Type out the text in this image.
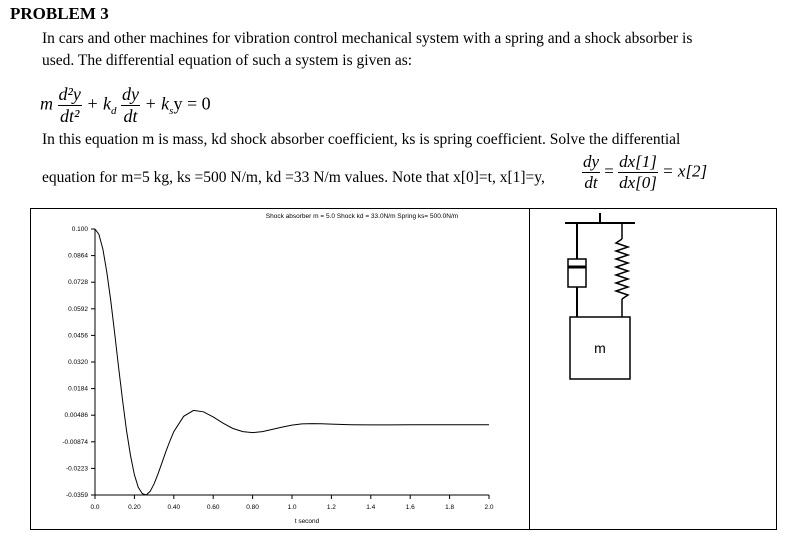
PROBLEM 3
In cars and other machines for vibration control mechanical system with a spring and a shock absorber is
used. The differential equation of such a system is given as:
m $\frac{\text{d²y}}{\text{dt²}} + k_d \frac{dy}{dt} + k_sy = 0$
In this equation m is mass, kd shock absorber coefficient, ks is spring coefficient. Solve the differential
equation for m=5 kg, ks =500 N/m, kd =33 N/m values. Note that x[0]=t, x[1]=y, $\frac{dy}{dt} = \frac{dx[1]}{dx[0]} = x[2]$
Shock absorber m = 5.0 Shock kd = 33.0N/m Spring ks= 500.0N/m
0.100
0.0864
0.0728
0.0592
0.0456
0.0320
0.0184
0.00486
-0.00874
-0.0223
-0.0359
0.0	0.20	0.40	0.60	0.80	1.0	1.2	1.4	1.6	1.8	2.0
t second
m
